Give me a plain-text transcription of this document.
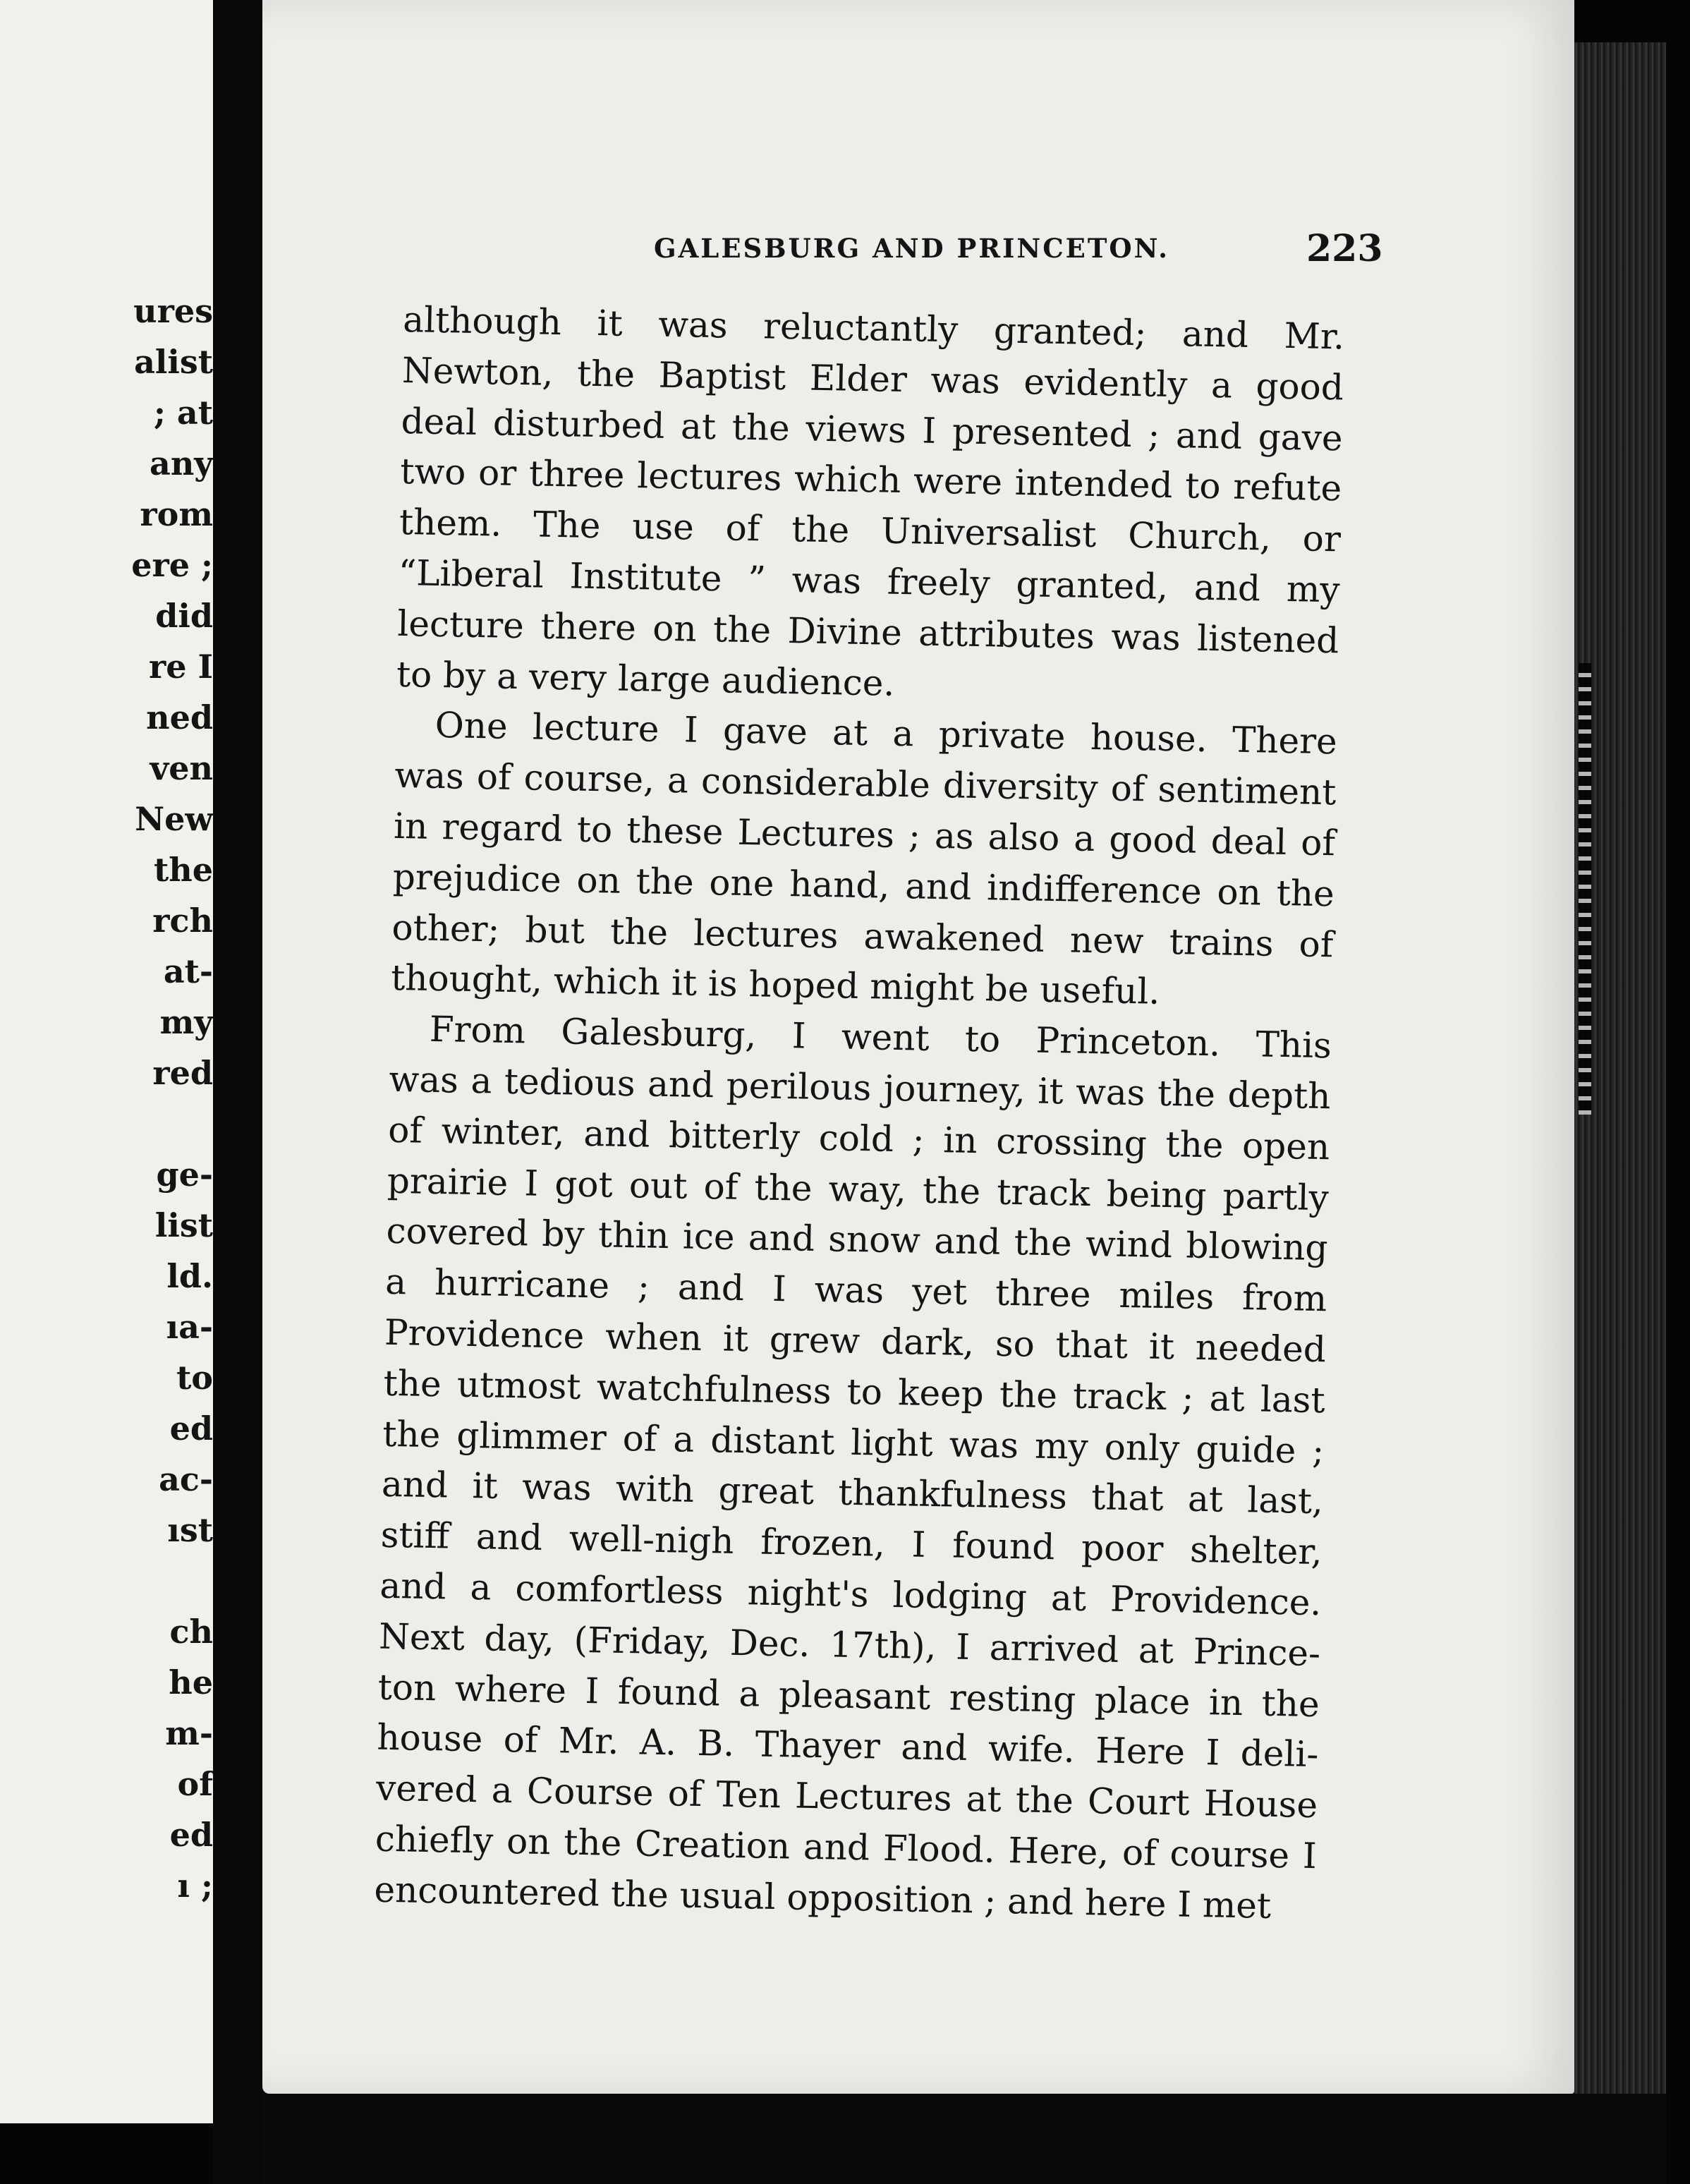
ures
alist
; at
any
rom
ere ;
did
re I
ned
ven
New
the
rch
at-
my
red
ge-
list
ld.
ıa-
to
ed
ac-
ıst
ch
he
m-
of
ed
ı ;
GALESBURG AND PRINCETON.	223
although it was reluctantly granted; and Mr.
Newton, the Baptist Elder was evidently a good
deal disturbed at the views I presented ; and gave
two or three lectures which were intended to refute
them. The use of the Universalist Church, or
“Liberal Institute ” was freely granted, and my
lecture there on the Divine attributes was listened
to by a very large audience.
One lecture I gave at a private house. There
was of course, a considerable diversity of sentiment
in regard to these Lectures ; as also a good deal of
prejudice on the one hand, and indifference on the
other; but the lectures awakened new trains of
thought, which it is hoped might be useful.
From Galesburg, I went to Princeton. This
was a tedious and perilous journey, it was the depth
of winter, and bitterly cold ; in crossing the open
prairie I got out of the way, the track being partly
covered by thin ice and snow and the wind blowing
a hurricane ; and I was yet three miles from
Providence when it grew dark, so that it needed
the utmost watchfulness to keep the track ; at last
the glimmer of a distant light was my only guide ;
and it was with great thankfulness that at last,
stiff and well-nigh frozen, I found poor shelter,
and a comfortless night's lodging at Providence.
Next day, (Friday, Dec. 17th), I arrived at Prince-
ton where I found a pleasant resting place in the
house of Mr. A. B. Thayer and wife. Here I deli-
vered a Course of Ten Lectures at the Court House
chiefly on the Creation and Flood. Here, of course I
encountered the usual opposition ; and here I met
